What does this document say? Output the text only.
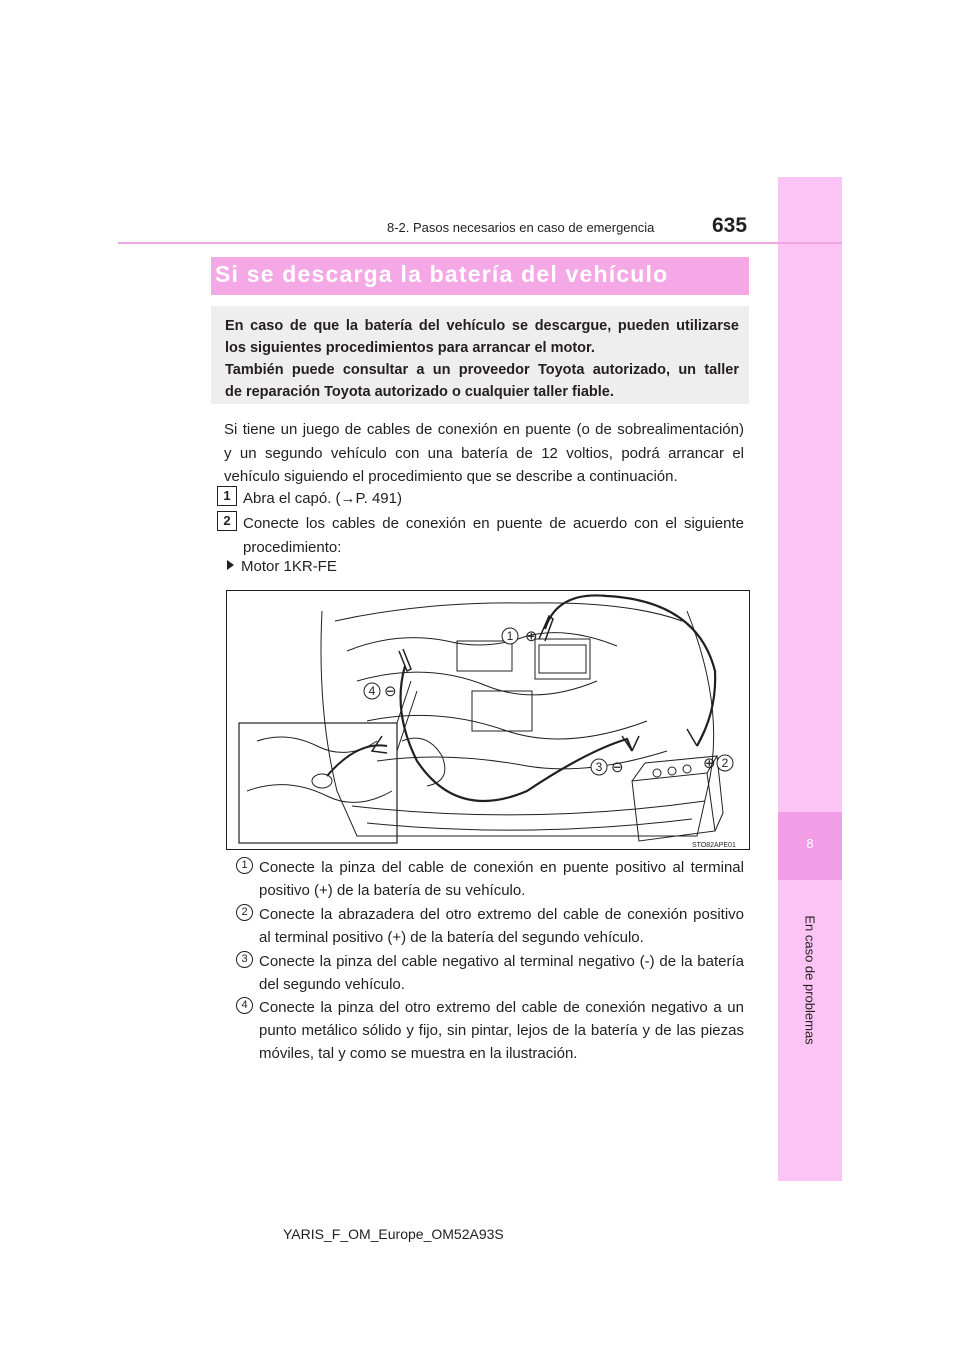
8
En caso de problemas
8-2. Pasos necesarios en caso de emergencia	635
Si se descarga la batería del vehículo

En caso de que la batería del vehículo se descargue, pueden utilizarse

los siguientes procedimientos para arrancar el motor.

También puede consultar a un proveedor Toyota autorizado, un taller

de reparación Toyota autorizado o cualquier taller fiable.

Si tiene un juego de cables de conexión en puente (o de sobrealimentación)
y un segundo vehículo con una batería de 12 voltios, podrá arrancar el
vehículo siguiendo el procedimiento que se describe a continuación.
1 Abra el capó. (→P. 491)
2 Conecte los cables de conexión en puente de acuerdo con el siguiente
procedimiento:
Motor 1KR-FE
1 ⊕
2
⊕
3 ⊖
4 ⊖
STO82APE01
1 Conecte la pinza del cable de conexión en puente positivo al terminal
positivo (+) de la batería de su vehículo.
2 Conecte la abrazadera del otro extremo del cable de conexión positivo
al terminal positivo (+) de la batería del segundo vehículo.
3 Conecte la pinza del cable negativo al terminal negativo (-) de la batería
del segundo vehículo.
4 Conecte la pinza del otro extremo del cable de conexión negativo a un
punto metálico sólido y fijo, sin pintar, lejos de la batería y de las piezas
móviles, tal y como se muestra en la ilustración.
YARIS_F_OM_Europe_OM52A93S
